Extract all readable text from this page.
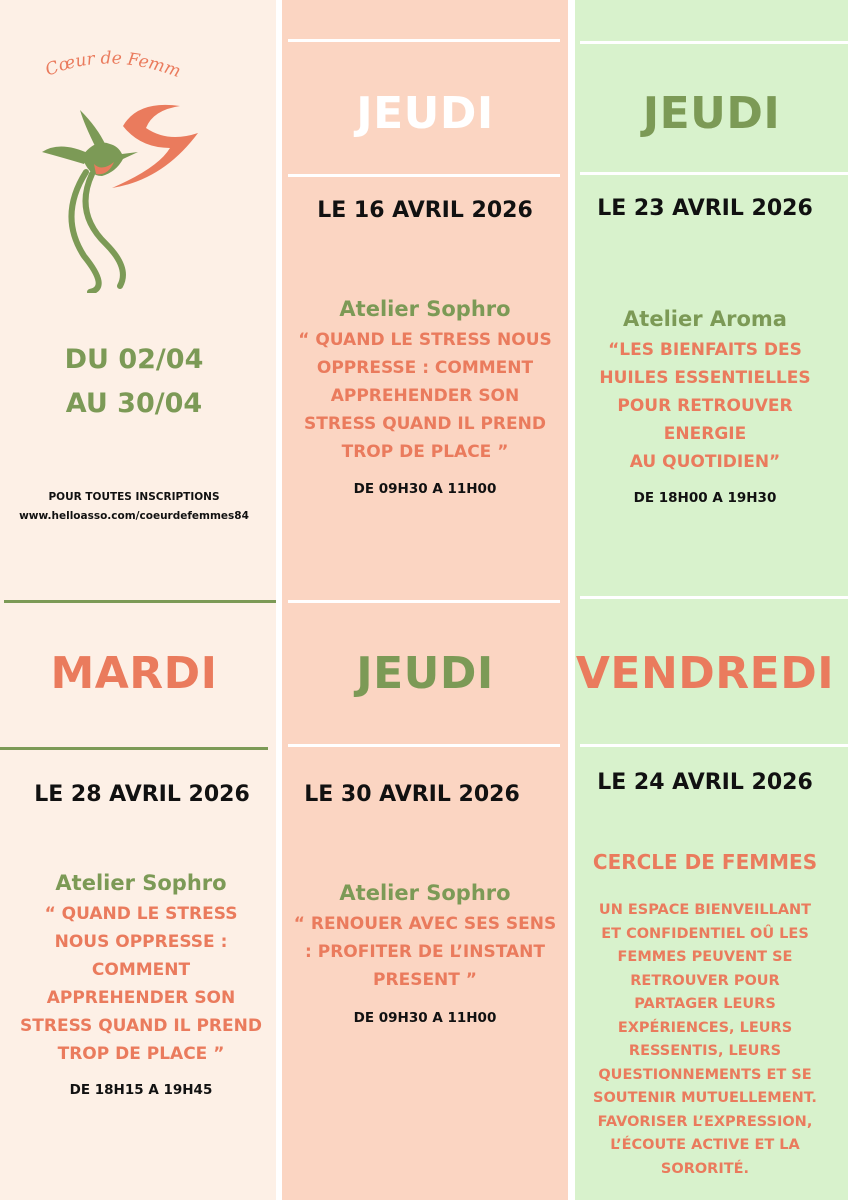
Cœur de Femm
DU 02/04
AU 30/04
POUR TOUTES INSCRIPTIONS
www.helloasso.com/coeurdefemmes84
JEUDI
LE 16 AVRIL 2026
Atelier Sophro
“ QUAND LE STRESS NOUS
OPPRESSE : COMMENT
APPREHENDER SON
STRESS QUAND IL PREND
TROP DE PLACE ”
DE 09H30 A 11H00
JEUDI
LE 23 AVRIL 2026
Atelier Aroma
“LES BIENFAITS DES
HUILES ESSENTIELLES
POUR RETROUVER
ENERGIE
AU QUOTIDIEN”
DE 18H00 A 19H30
MARDI
LE 28 AVRIL 2026
Atelier Sophro
“ QUAND LE STRESS
NOUS OPPRESSE :
COMMENT
APPREHENDER SON
STRESS QUAND IL PREND
TROP DE PLACE ”
DE 18H15 A 19H45
JEUDI
LE 30 AVRIL 2026
Atelier Sophro
“ RENOUER AVEC SES SENS
: PROFITER DE L’INSTANT
PRESENT ”
DE 09H30 A 11H00
VENDREDI
LE 24 AVRIL 2026
CERCLE DE FEMMES
UN ESPACE BIENVEILLANT
ET CONFIDENTIEL OÛ LES
FEMMES PEUVENT SE
RETROUVER POUR
PARTAGER LEURS
EXPÉRIENCES, LEURS
RESSENTIS, LEURS
QUESTIONNEMENTS ET SE
SOUTENIR MUTUELLEMENT.
FAVORISER L’EXPRESSION,
L’ÉCOUTE ACTIVE ET LA
SORORITÉ.
